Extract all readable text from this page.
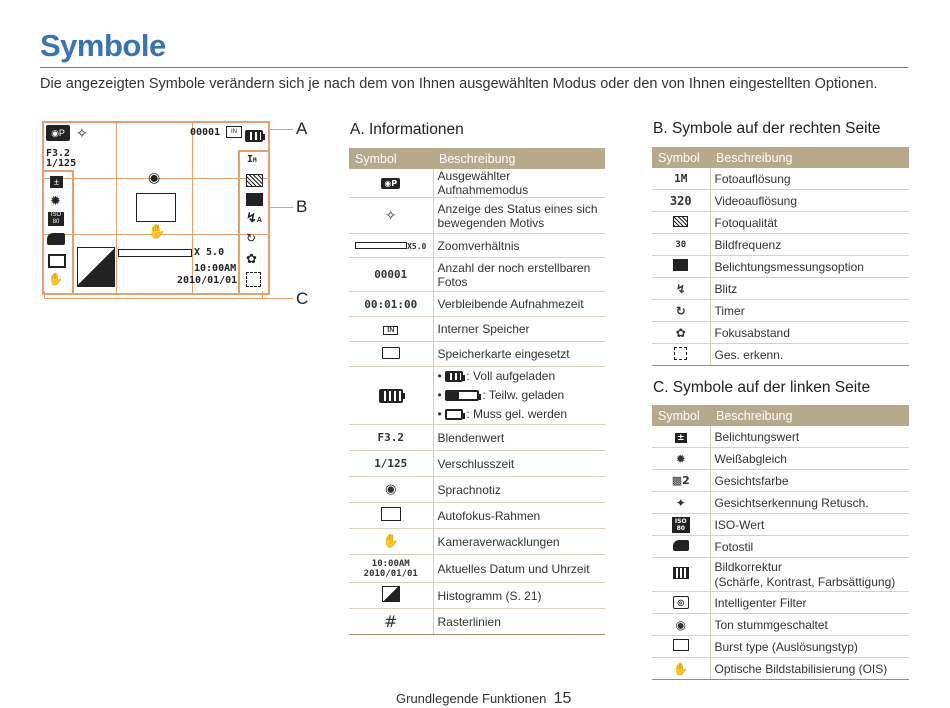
Symbole
Die angezeigten Symbole verändern sich je nach dem von Ihnen ausgewählten Modus oder den von Ihnen eingestellten Optionen.
◉P ✧	00001	IN
F3.2
1/125
±
✹
ISO
80
✋
IM
↯A
↻
✿
◉
✋
X 5.0
10:00AM
2010/01/01
A
B
C
A. Informationen
Symbol	Beschreibung
◉P	Ausgewählter Aufnahmemodus
✧	Anzeige des Status eines sich bewegenden Motivs
X5.0	Zoomverhältnis
00001	Anzahl der noch erstellbaren Fotos
00:01:00	Verbleibende Aufnahmezeit
IN	Interner Speicher
	Speicherkarte eingesetzt

	•  : Voll aufgeladen
• : Teilw. geladen
•  : Muss gel. werden

F3.2	Blendenwert
1/125	Verschlusszeit
◉	Sprachnotiz
	Autofokus-Rahmen
✋	Kameraverwacklungen
10:00AM
2010/01/01	Aktuelles Datum und Uhrzeit
	Histogramm (S. 21)
#	Rasterlinien
B. Symbole auf der rechten Seite
Symbol	Beschreibung
1M	Fotoauflösung
320	Videoauflösung
	Fotoqualität
30	Bildfrequenz
	Belichtungsmessungsoption
↯	Blitz
↻	Timer
✿	Fokusabstand
	Ges. erkenn.
C. Symbole auf der linken Seite
Symbol	Beschreibung
±	Belichtungswert
✹	Weißabgleich
▩2	Gesichtsfarbe
✦	Gesichtserkennung Retusch.
ISO 80	ISO-Wert
	Fotostil
	Bildkorrektur
(Schärfe, Kontrast, Farbsättigung)
◎	Intelligenter Filter
◉	Ton stummgeschaltet
	Burst type (Auslösungstyp)
✋	Optische Bildstabilisierung (OIS)
Grundlegende Funktionen 15
